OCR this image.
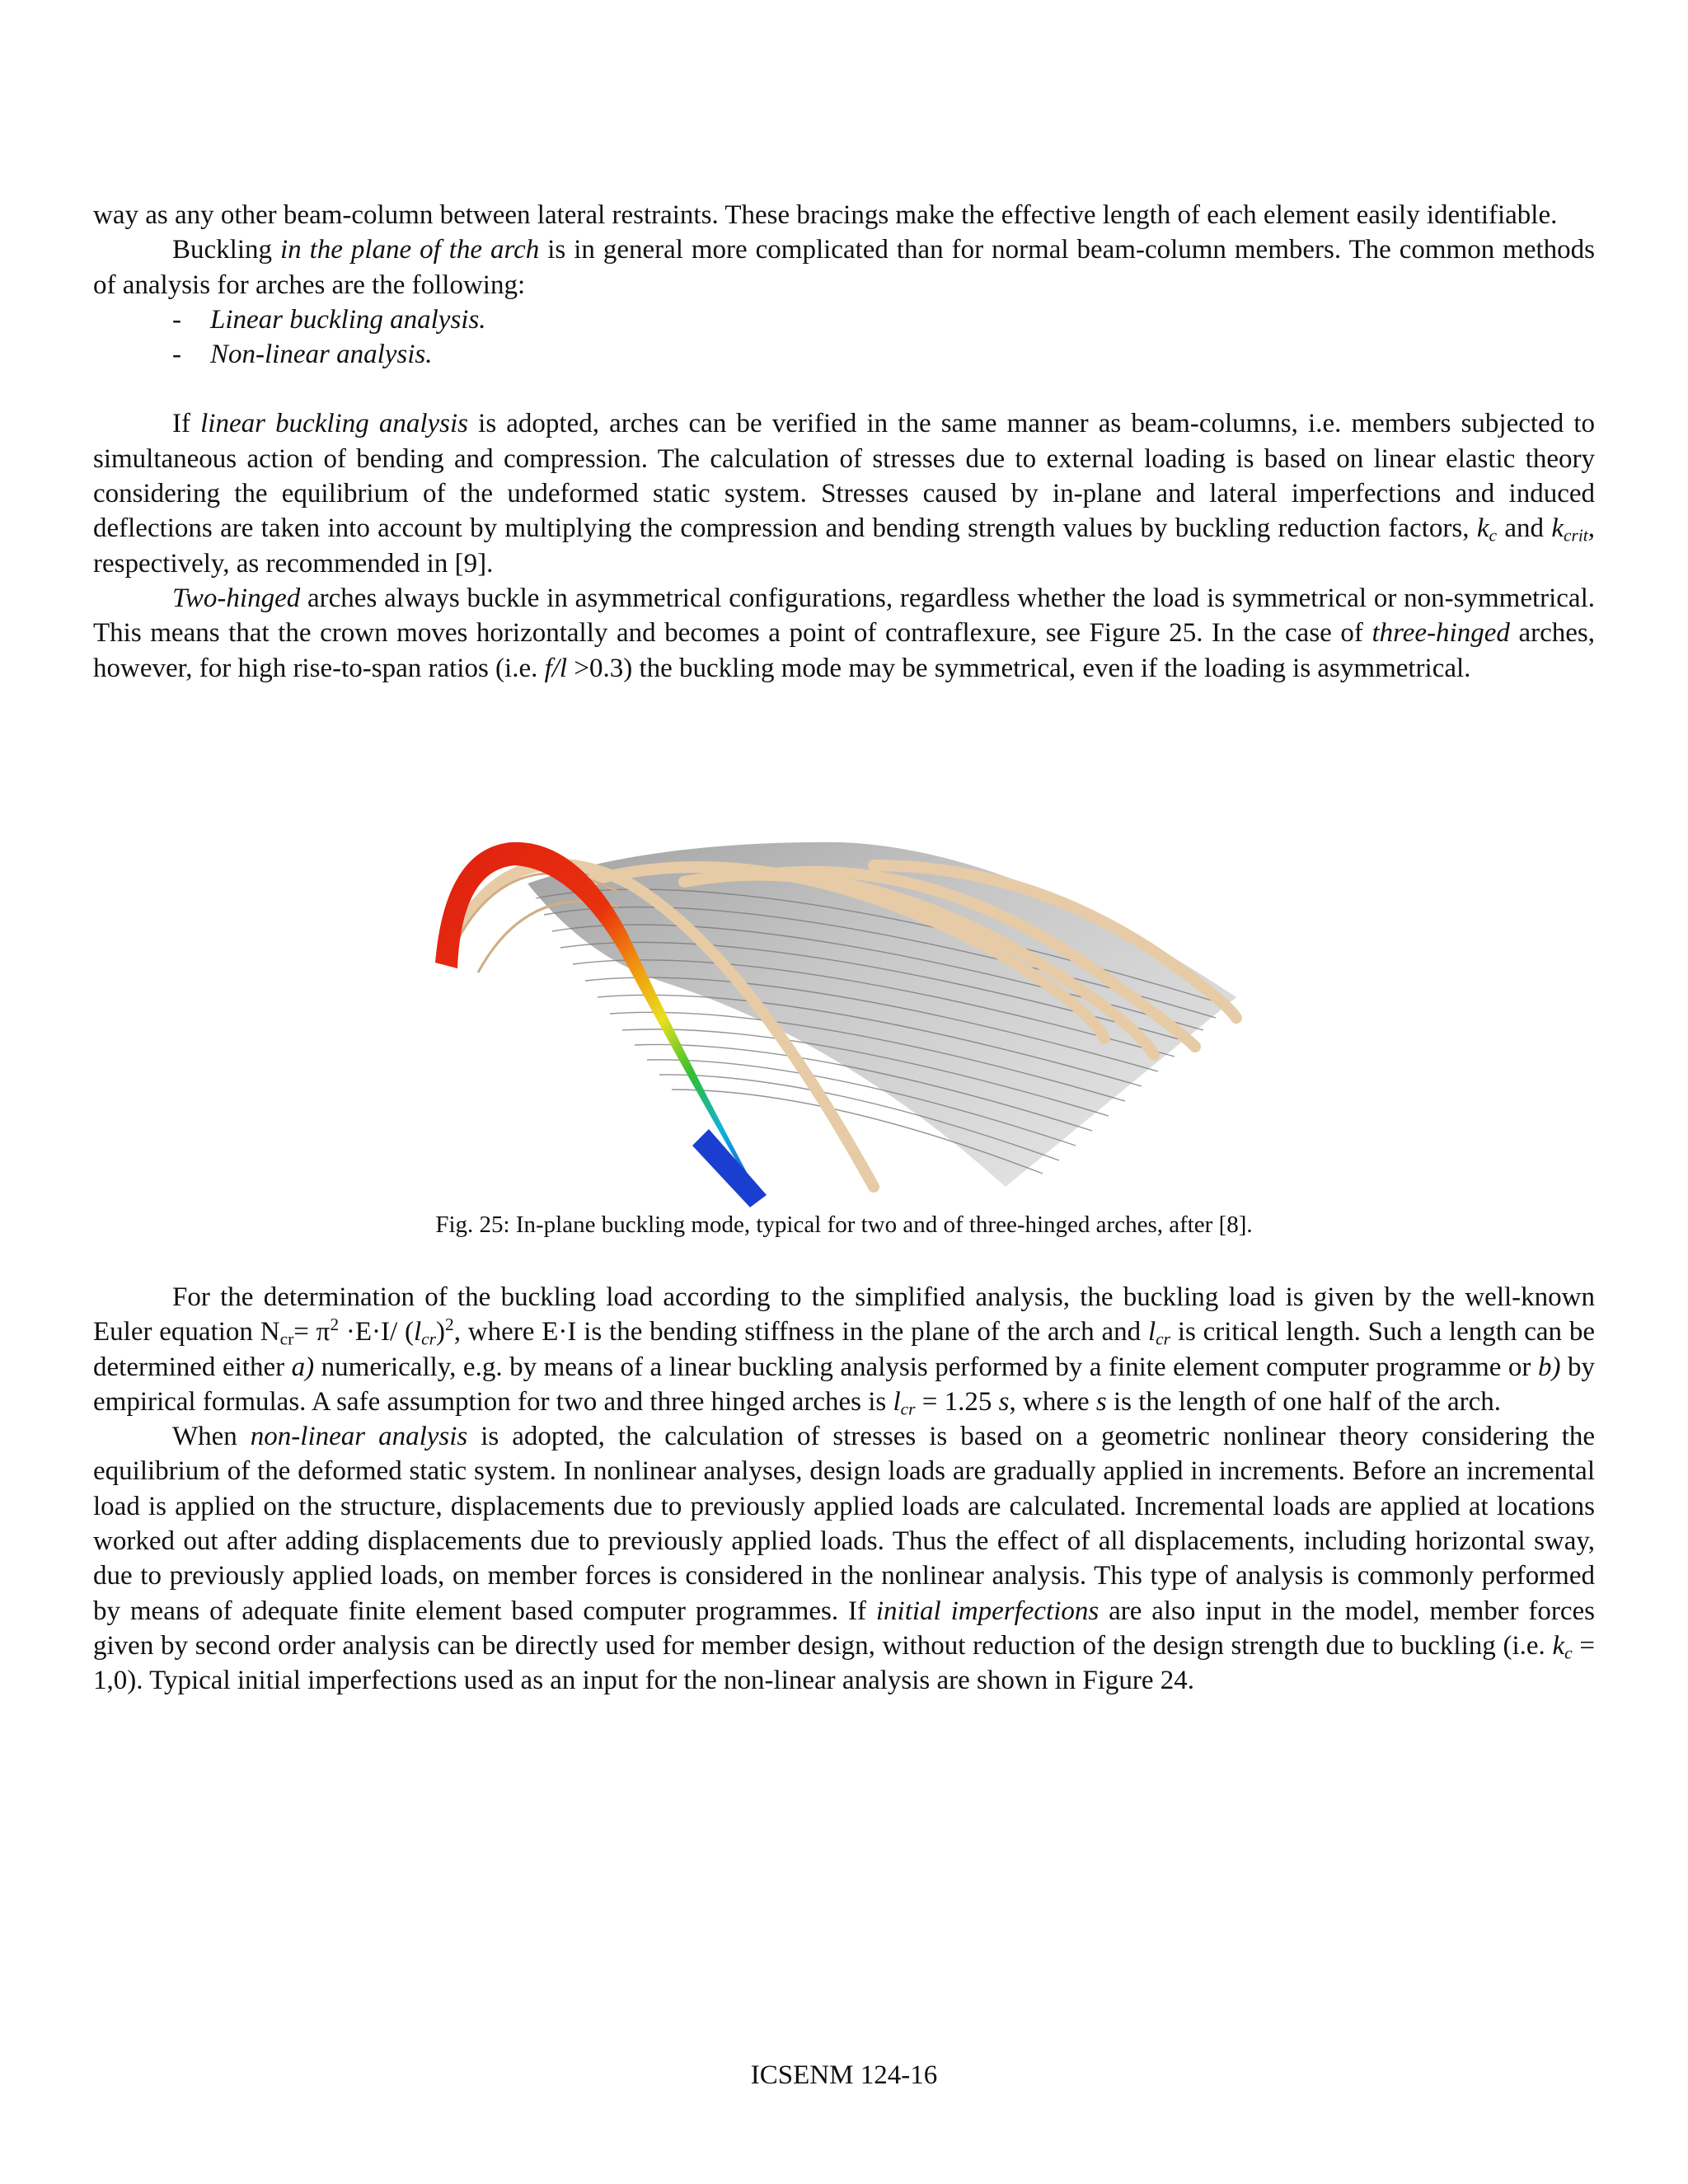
way as any other beam-column between lateral restraints. These bracings make the effective length of each element easily identifiable.

Buckling in the plane of the arch is in general more complicated than for normal beam-column members. The common methods of analysis for arches are the following:

- Linear buckling analysis.

- Non-linear analysis.

If linear buckling analysis is adopted, arches can be verified in the same manner as beam-columns, i.e. members subjected to simultaneous action of bending and compression. The calculation of stresses due to external loading is based on linear elastic theory considering the equilibrium of the undeformed static system. Stresses caused by in-plane and lateral imperfections and induced deflections are taken into account by multiplying the compression and bending strength values by buckling reduction factors, $k_c$ and $k_{crit}$, respectively, as recommended in [9].

Two-hinged arches always buckle in asymmetrical configurations, regardless whether the load is symmetrical or non-symmetrical. This means that the crown moves horizontally and becomes a point of contraflexure, see Figure 25. In the case of three-hinged arches, however, for high rise-to-span ratios (i.e. f/l >0.3) the buckling mode may be symmetrical, even if the loading is asymmetrical.

Fig. 25: In-plane buckling mode, typical for two and of three-hinged arches, after [8].

For the determination of the buckling load according to the simplified analysis, the buckling load is given by the well-known Euler equation $N_{cr}= \pi^2 \cdot E\cdot I/$ $(l_{cr})^2$, where E·I is the bending stiffness in the plane of the arch and $l_{cr}$ is critical length. Such a length can be determined either a) numerically, e.g. by means of a linear buckling analysis performed by a finite element computer programme or b) by empirical formulas. A safe assumption for two and three hinged arches is $l_{cr} = 1.25$ s, where s is the length of one half of the arch.

When non-linear analysis is adopted, the calculation of stresses is based on a geometric nonlinear theory considering the equilibrium of the deformed static system. In nonlinear analyses, design loads are gradually applied in increments. Before an incremental load is applied on the structure, displacements due to previously applied loads are calculated. Incremental loads are applied at locations worked out after adding displacements due to previously applied loads. Thus the effect of all displacements, including horizontal sway, due to previously applied loads, on member forces is considered in the nonlinear analysis. This type of analysis is commonly performed by means of adequate finite element based computer programmes. If initial imperfections are also input in the model, member forces given by second order analysis can be directly used for member design, without reduction of the design strength due to buckling (i.e. $k_c = 1,0$). Typical initial imperfections used as an input for the non-linear analysis are shown in Figure 24.

ICSENM 124-16
